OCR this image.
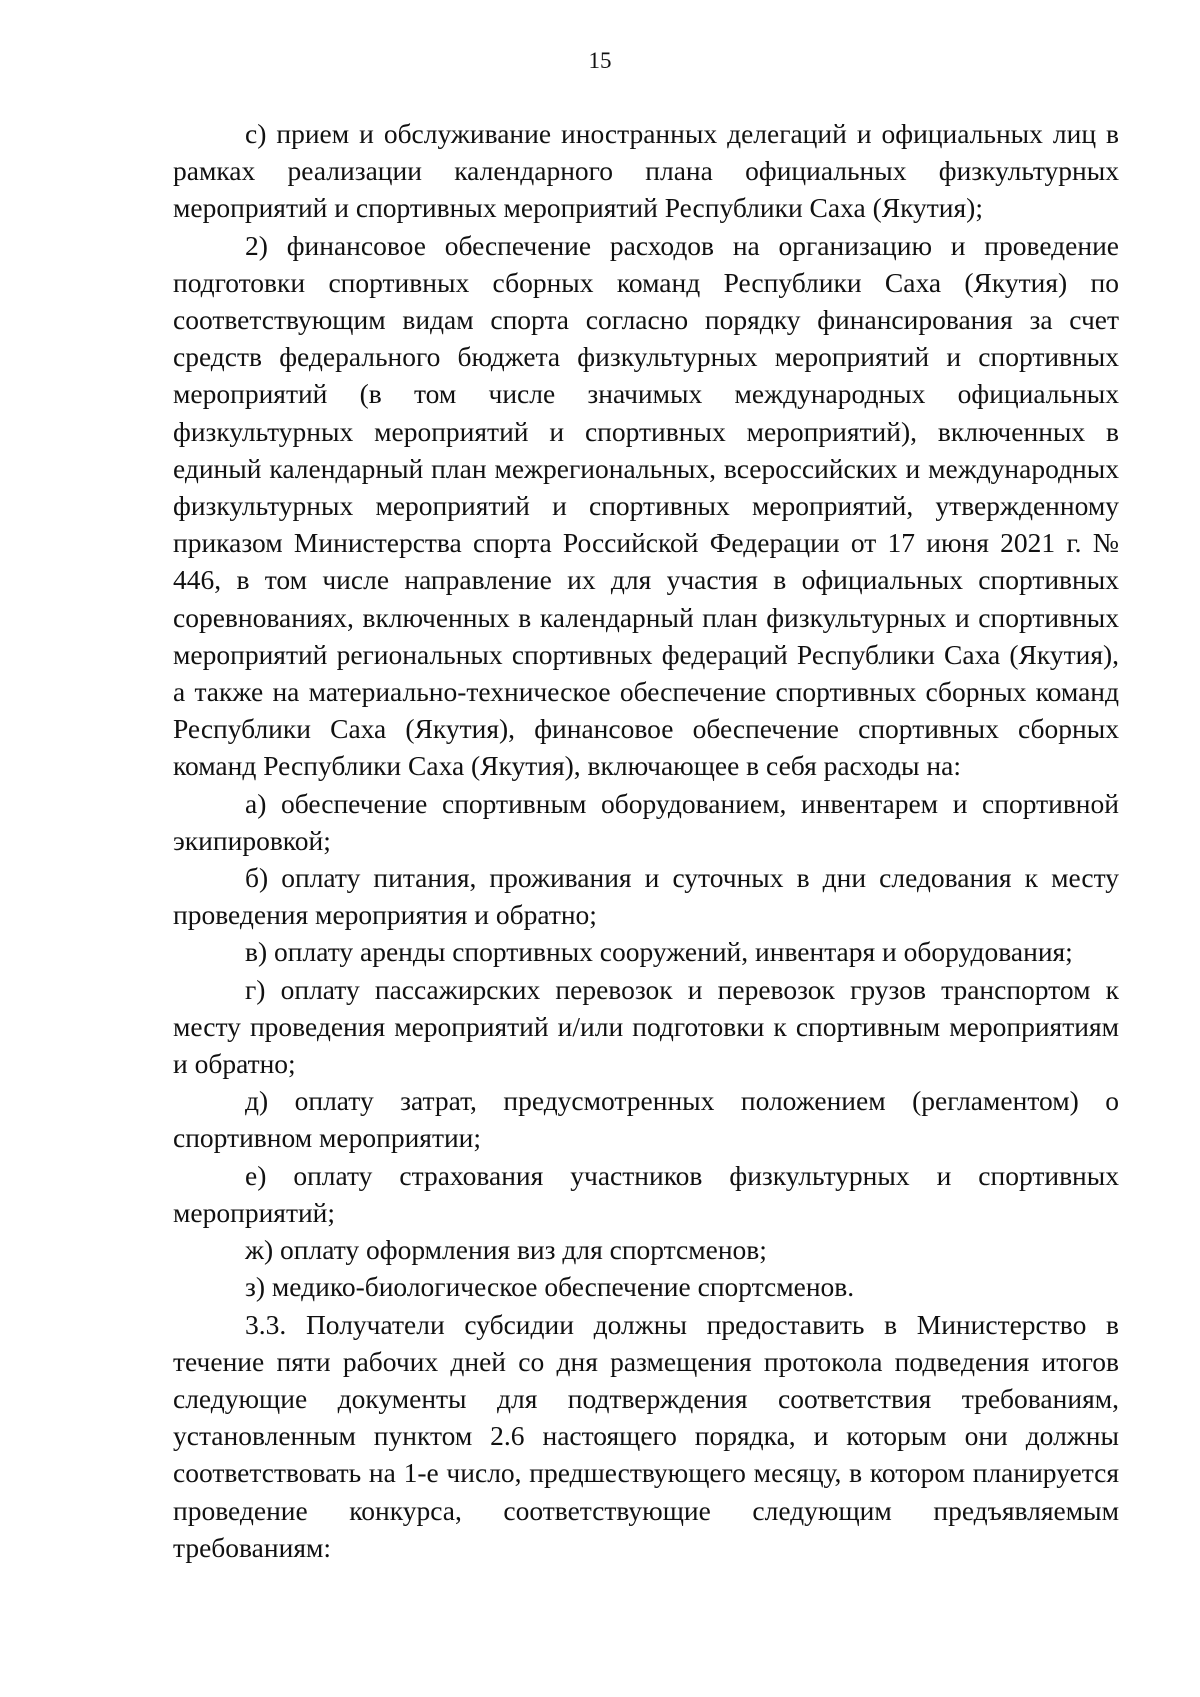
15

с) прием и обслуживание иностранных делегаций и официальных лиц в рамках реализации календарного плана официальных физкультурных мероприятий и спортивных мероприятий Республики Саха (Якутия);

2) финансовое обеспечение расходов на организацию и проведение подготовки спортивных сборных команд Республики Саха (Якутия) по соответствующим видам спорта согласно порядку финансирования за счет средств федерального бюджета физкультурных мероприятий и спортивных мероприятий (в том числе значимых международных официальных физкультурных мероприятий и спортивных мероприятий), включенных в единый календарный план межрегиональных, всероссийских и международных физкультурных мероприятий и спортивных мероприятий, утвержденному приказом Министерства спорта Российской Федерации от 17 июня 2021 г. № 446, в том числе направление их для участия в официальных спортивных соревнованиях, включенных в календарный план физкультурных и спортивных мероприятий региональных спортивных федераций Республики Саха (Якутия), а также на материально-техническое обеспечение спортивных сборных команд Республики Саха (Якутия), финансовое обеспечение спортивных сборных команд Республики Саха (Якутия), включающее в себя расходы на:

а) обеспечение спортивным оборудованием, инвентарем и спортивной экипировкой;

б) оплату питания, проживания и суточных в дни следования к месту проведения мероприятия и обратно;

в) оплату аренды спортивных сооружений, инвентаря и оборудования;

г) оплату пассажирских перевозок и перевозок грузов транспортом к месту проведения мероприятий и/или подготовки к спортивным мероприятиям и обратно;

д) оплату затрат, предусмотренных положением (регламентом) о спортивном мероприятии;

е) оплату страхования участников физкультурных и спортивных мероприятий;

ж) оплату оформления виз для спортсменов;

з) медико-биологическое обеспечение спортсменов.

3.3. Получатели субсидии должны предоставить в Министерство в течение пяти рабочих дней со дня размещения протокола подведения итогов следующие документы для подтверждения соответствия требованиям, установленным пунктом 2.6 настоящего порядка, и которым они должны соответствовать на 1-е число, предшествующего месяцу, в котором планируется проведение конкурса, соответствующие следующим предъявляемым требованиям:
